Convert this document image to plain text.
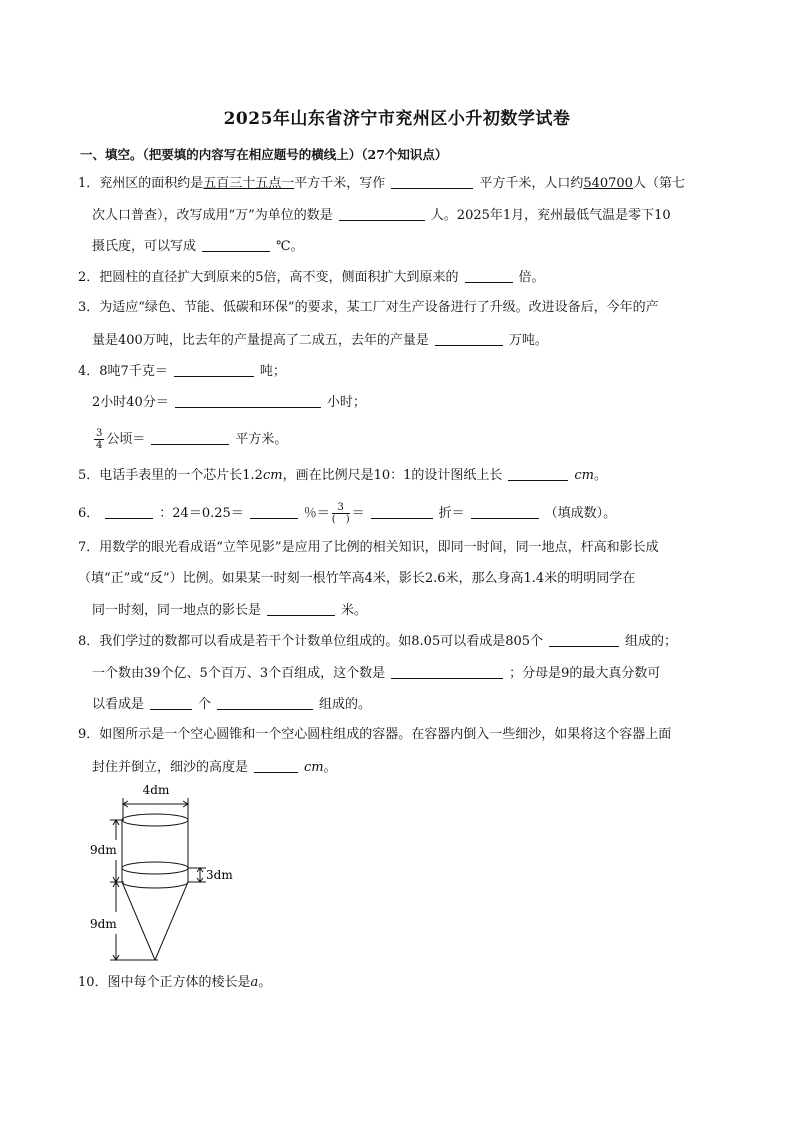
2025年山东省济宁市兖州区小升初数学试卷
一、填空。（把要填的内容写在相应题号的横线上）（27个知识点）
1．兖州区的面积约是五百三十五点一平方千米，写作	平方千米，人口约540700人（第七
次人口普查），改写成用“万”为单位的数是	人。2025年1月，兖州最低气温是零下10
摄氏度，可以写成	℃。
2．把圆柱的直径扩大到原来的5倍，高不变，侧面积扩大到原来的	倍。
3．为适应“绿色、节能、低碳和环保”的要求，某工厂对生产设备进行了升级。改进设备后，今年的产
量是400万吨，比去年的产量提高了二成五，去年的产量是	万吨。
4．8吨7千克＝	吨；
2小时40分＝	小时；
$\frac{3}{4}$ 公顷＝	平方米。
5．电话手表里的一个芯片长1.2cm，画在比例尺是10：1的设计图纸上长	cm。
6．	：24＝0.25＝	％＝ $\frac{3}{( )}$ ＝	折＝	（填成数）。
7．用数学的眼光看成语“立竿见影”是应用了比例的相关知识，即同一时间，同一地点，杆高和影长成
（填“正”或“反”）比例。如果某一时刻一根竹竿高4米，影长2.6米，那么身高1.4米的明明同学在
同一时刻，同一地点的影长是	米。
8．我们学过的数都可以看成是若干个计数单位组成的。如8.05可以看成是805个	组成的；
一个数由39个亿、5个百万、3个百组成，这个数是	；分母是9的最大真分数可
以看成是	个	组成的。
9．如图所示是一个空心圆锥和一个空心圆柱组成的容器。在容器内倒入一些细沙，如果将这个容器上面
封住并倒立，细沙的高度是	cm。
4dm
9dm
9dm
3dm
10．图中每个正方体的棱长是a。
